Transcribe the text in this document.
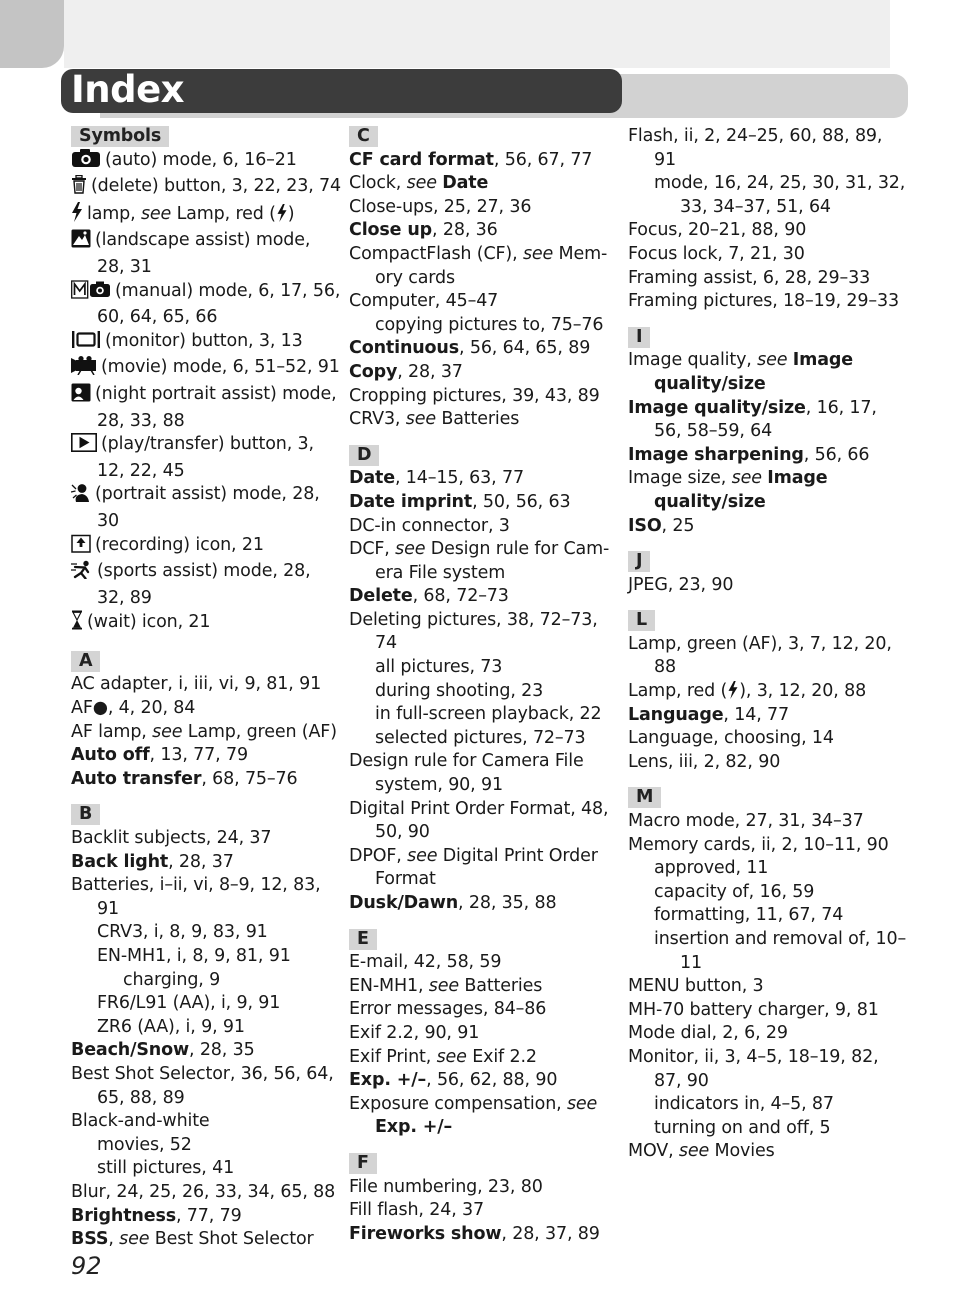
Index
Symbols
(auto) mode, 6, 16–21
(delete) button, 3, 22, 23, 74
lamp, see Lamp, red ( )
(landscape assist) mode, 28, 31
(manual) mode, 6, 17, 56, 60, 64, 65, 66
(monitor) button, 3, 13
(movie) mode, 6, 51–52, 91
(night portrait assist) mode, 28, 33, 88
(play/transfer) button, 3, 12, 22, 45
(portrait assist) mode, 28, 30
(recording) icon, 21
(sports assist) mode, 28, 32, 89
(wait) icon, 21
A
AC adapter, i, iii, vi, 9, 81, 91
AF●, 4, 20, 84
AF lamp, see Lamp, green (AF)
Auto off, 13, 77, 79
Auto transfer, 68, 75–76
B
Backlit subjects, 24, 37
Back light, 28, 37
Batteries, i–ii, vi, 8–9, 12, 83, 91
CRV3, i, 8, 9, 83, 91
EN-MH1, i, 8, 9, 81, 91
charging, 9
FR6/L91 (AA), i, 9, 91
ZR6 (AA), i, 9, 91
Beach/Snow, 28, 35
Best Shot Selector, 36, 56, 64, 65, 88, 89
Black-and-white
movies, 52
still pictures, 41
Blur, 24, 25, 26, 33, 34, 65, 88
Brightness, 77, 79
BSS, see Best Shot Selector
C
CF card format, 56, 67, 77
Clock, see Date
Close-ups, 25, 27, 36
Close up, 28, 36
CompactFlash (CF), see Mem-ory cards
Computer, 45–47
copying pictures to, 75–76
Continuous, 56, 64, 65, 89
Copy, 28, 37
Cropping pictures, 39, 43, 89
CRV3, see Batteries
D
Date, 14–15, 63, 77
Date imprint, 50, 56, 63
DC-in connector, 3
DCF, see Design rule for Cam-era File system
Delete, 68, 72–73
Deleting pictures, 38, 72–73, 74
all pictures, 73
during shooting, 23
in full-screen playback, 22
selected pictures, 72–73
Design rule for Camera File system, 90, 91
Digital Print Order Format, 48, 50, 90
DPOF, see Digital Print Order Format
Dusk/Dawn, 28, 35, 88
E
E-mail, 42, 58, 59
EN-MH1, see Batteries
Error messages, 84–86
Exif 2.2, 90, 91
Exif Print, see Exif 2.2
Exp. +/–, 56, 62, 88, 90
Exposure compensation, see Exp. +/–
F
File numbering, 23, 80
Fill flash, 24, 37
Fireworks show, 28, 37, 89
Flash, ii, 2, 24–25, 60, 88, 89, 91
mode, 16, 24, 25, 30, 31, 32, 33, 34–37, 51, 64
Focus, 20–21, 88, 90
Focus lock, 7, 21, 30
Framing assist, 6, 28, 29–33
Framing pictures, 18–19, 29–33
I
Image quality, see Image quality/size
Image quality/size, 16, 17, 56, 58–59, 64
Image sharpening, 56, 66
Image size, see Image quality/size
ISO, 25
J
JPEG, 23, 90
L
Lamp, green (AF), 3, 7, 12, 20, 88
Lamp, red ( ), 3, 12, 20, 88
Language, 14, 77
Language, choosing, 14
Lens, iii, 2, 82, 90
M
Macro mode, 27, 31, 34–37
Memory cards, ii, 2, 10–11, 90
approved, 11
capacity of, 16, 59
formatting, 11, 67, 74
insertion and removal of, 10–11
MENU button, 3
MH-70 battery charger, 9, 81
Mode dial, 2, 6, 29
Monitor, ii, 3, 4–5, 18–19, 82, 87, 90
indicators in, 4–5, 87
turning on and off, 5
MOV, see Movies
92
